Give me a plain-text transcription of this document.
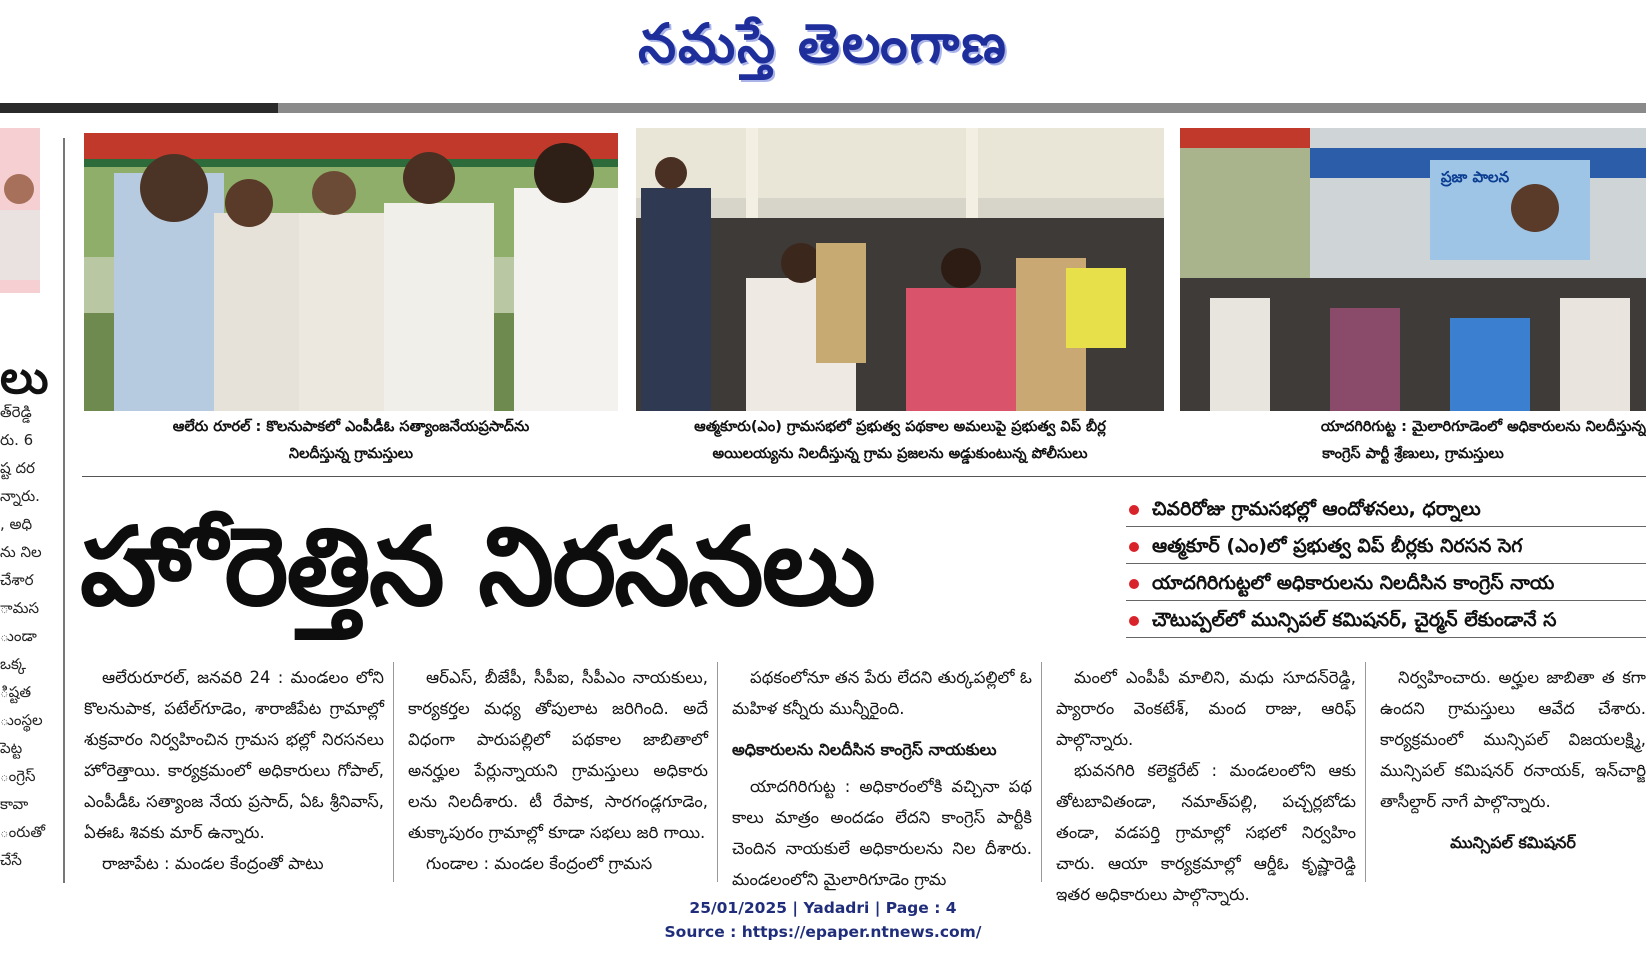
నమస్తే తెలంగాణ
లు
త్‌రెడ్డి
రు. 6
ష్ట దర
న్నారు.
, అధి
ను నిల
చేశార
ామస
ుండా
ఒక్క
ిష్టత
ుంస్థల
పెట్ట
ంగ్రెస్
కావా
ంరుతో
చేసే
ఆలేరు రూరల్‌ : కొలనుపాకలో ఎంపీడీఓ సత్యాంజనేయప్రసాద్‌ను
నిలదీస్తున్న గ్రామస్తులు
ఆత్మకూరు(ఎం) గ్రామసభలో ప్రభుత్వ పథకాల అమలుపై ప్రభుత్వ విప్‌ బీర్ల
అయిలయ్యను నిలదీస్తున్న గ్రామ ప్రజలను అడ్డుకుంటున్న పోలీసులు
ప్రజా పాలన
యాదగిరిగుట్ట : మైలారిగూడెంలో అధికారులను నిలదీస్తున్న
కాంగ్రెస్‌ పార్టీ శ్రేణులు, గ్రామస్తులు
హోరెత్తిన నిరసనలు	చివరిరోజు గ్రామసభల్లో ఆందోళనలు, ధర్నాలు
ఆత్మకూర్‌ (ఎం)లో ప్రభుత్వ విప్‌ బీర్లకు నిరసన సెగ
యాదగిరిగుట్టలో అధికారులను నిలదీసిన కాంగ్రెస్‌ నాయ
చౌటుప్పల్‌లో మున్సిపల్‌ కమిషనర్‌, చైర్మన్‌ లేకుండానే స

ఆలేరురూరల్‌, జనవరి 24 : మండలం లోని కొలనుపాక, పటేల్‌గూడెం, శారాజీపేట గ్రామాల్లో శుక్రవారం నిర్వహించిన గ్రామస భల్లో నిరసనలు హోరెత్తాయి. కార్యక్రమంలో అధికారులు గోపాల్‌, ఎంపీడీఓ సత్యాంజ నేయ ప్రసాద్‌, ఏఓ శ్రీనివాస్‌, ఏఈఓ శివకు మార్‌ ఉన్నారు.

రాజాపేట : మండల కేంద్రంతో పాటు

ఆర్‌ఎస్‌, బీజేపీ, సీపీఐ, సీపీఎం నాయకులు, కార్యకర్తల మధ్య తోపులాట జరిగింది. అదే విధంగా పారుపల్లిలో పథకాల జాబితాలో అనర్హుల పేర్లున్నాయని గ్రామస్తులు అధికారు లను నిలదీశారు. టీ రేపాక, సారగండ్లగూడెం, తుక్కాపురం గ్రామాల్లో కూడా సభలు జరి గాయి.

గుండాల : మండల కేంద్రంలో గ్రామస

పథకంలోనూ తన పేరు లేదని తుర్కపల్లిలో ఓ మహిళ కన్నీరు మున్నీరైంది.

అధికారులను నిలదీసిన కాంగ్రెస్‌ నాయకులు

యాదగిరిగుట్ట : అధికారంలోకి వచ్చినా పథ కాలు మాత్రం అందడం లేదని కాంగ్రెస్‌ పార్టీకి చెందిన నాయకులే అధికారులను నిల దీశారు. మండలంలోని మైలారిగూడెం గ్రామ

మంలో ఎంపీపీ మాలిని, మధు సూదన్‌రెడ్డి, ప్యారారం వెంకటేశ్‌, మంద రాజు, ఆరిఫ్‌ పాల్గొన్నారు.

భువనగిరి కలెక్టరేట్‌ : మండలంలోని ఆకు తోటబావితండా, నమాత్‌పల్లి, పచ్చర్లబోడు తండా, వడపర్తి గ్రామాల్లో సభలో నిర్వహిం చారు. ఆయా కార్యక్రమాల్లో ఆర్డీఓ కృష్ణారెడ్డి ఇతర అధికారులు పాల్గొన్నారు.

నిర్వహించారు. అర్హుల జాబితా త కగా ఉందని గ్రామస్తులు ఆవేద చేశారు. కార్యక్రమంలో మున్సిపల్‌ విజయలక్ష్మి, మున్సిపల్‌ కమిషనర్‌ రనాయక్‌, ఇన్‌చార్జి తాసీల్దార్‌ నాగే పాల్గొన్నారు.

మున్సిపల్‌ కమిషనర్‌

25/01/2025 | Yadadri | Page : 4
Source : https://epaper.ntnews.com/
